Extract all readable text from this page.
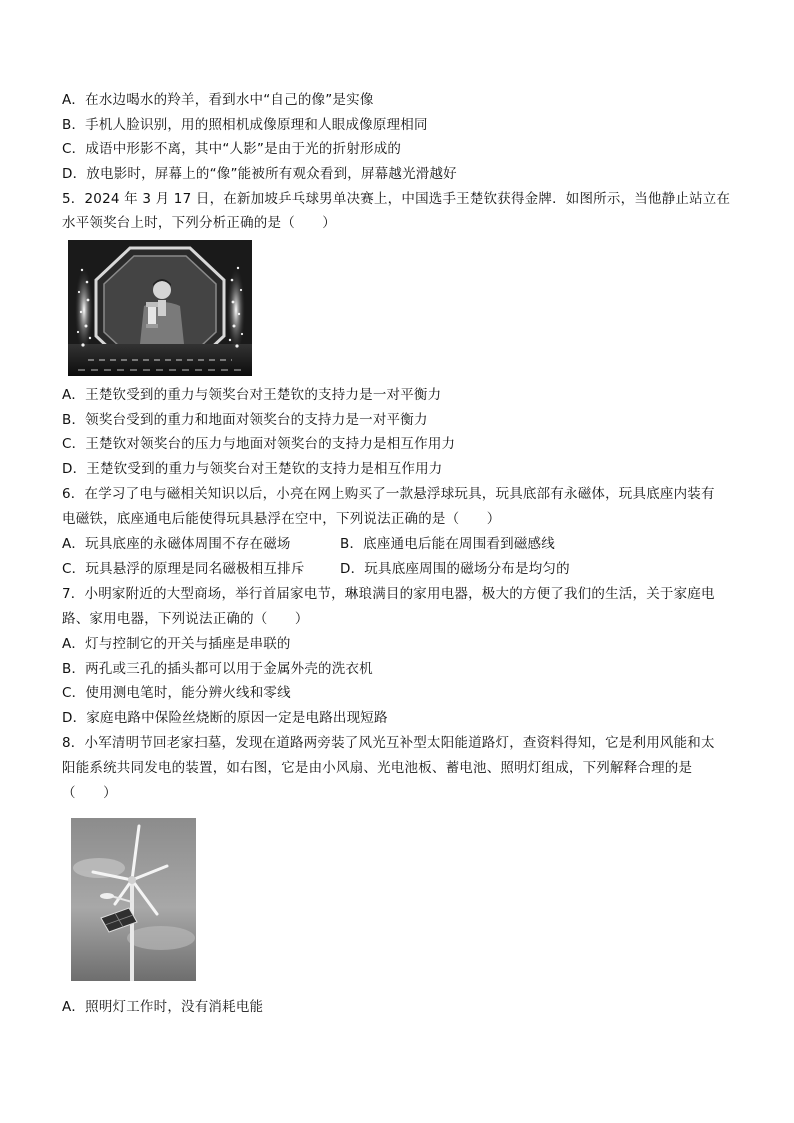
A．在水边喝水的羚羊，看到水中“自己的像”是实像
B．手机人脸识别，用的照相机成像原理和人眼成像原理相同
C．成语中形影不离，其中“人影”是由于光的折射形成的
D．放电影时，屏幕上的“像”能被所有观众看到，屏幕越光滑越好
5．2024 年 3 月 17 日，在新加坡乒乓球男单决赛上，中国选手王楚钦获得金牌．如图所示，当他静止站立在
水平领奖台上时，下列分析正确的是（　　）
A．王楚钦受到的重力与领奖台对王楚钦的支持力是一对平衡力
B．领奖台受到的重力和地面对领奖台的支持力是一对平衡力
C．王楚钦对领奖台的压力与地面对领奖台的支持力是相互作用力
D．王楚钦受到的重力与领奖台对王楚钦的支持力是相互作用力
6．在学习了电与磁相关知识以后，小亮在网上购买了一款悬浮球玩具，玩具底部有永磁体，玩具底座内装有
电磁铁，底座通电后能使得玩具悬浮在空中，下列说法正确的是（　　）
A．玩具底座的永磁体周围不存在磁场	B．底座通电后能在周围看到磁感线
C．玩具悬浮的原理是同名磁极相互排斥	D．玩具底座周围的磁场分布是均匀的
7．小明家附近的大型商场，举行首届家电节，琳琅满目的家用电器，极大的方便了我们的生活，关于家庭电
路、家用电器，下列说法正确的（　　）
A．灯与控制它的开关与插座是串联的
B．两孔或三孔的插头都可以用于金属外壳的洗衣机
C．使用测电笔时，能分辨火线和零线
D．家庭电路中保险丝烧断的原因一定是电路出现短路
8．小军清明节回老家扫墓，发现在道路两旁装了风光互补型太阳能道路灯，查资料得知，它是利用风能和太
阳能系统共同发电的装置，如右图，它是由小风扇、光电池板、蓄电池、照明灯组成，下列解释合理的是
（　　）
A．照明灯工作时，没有消耗电能
